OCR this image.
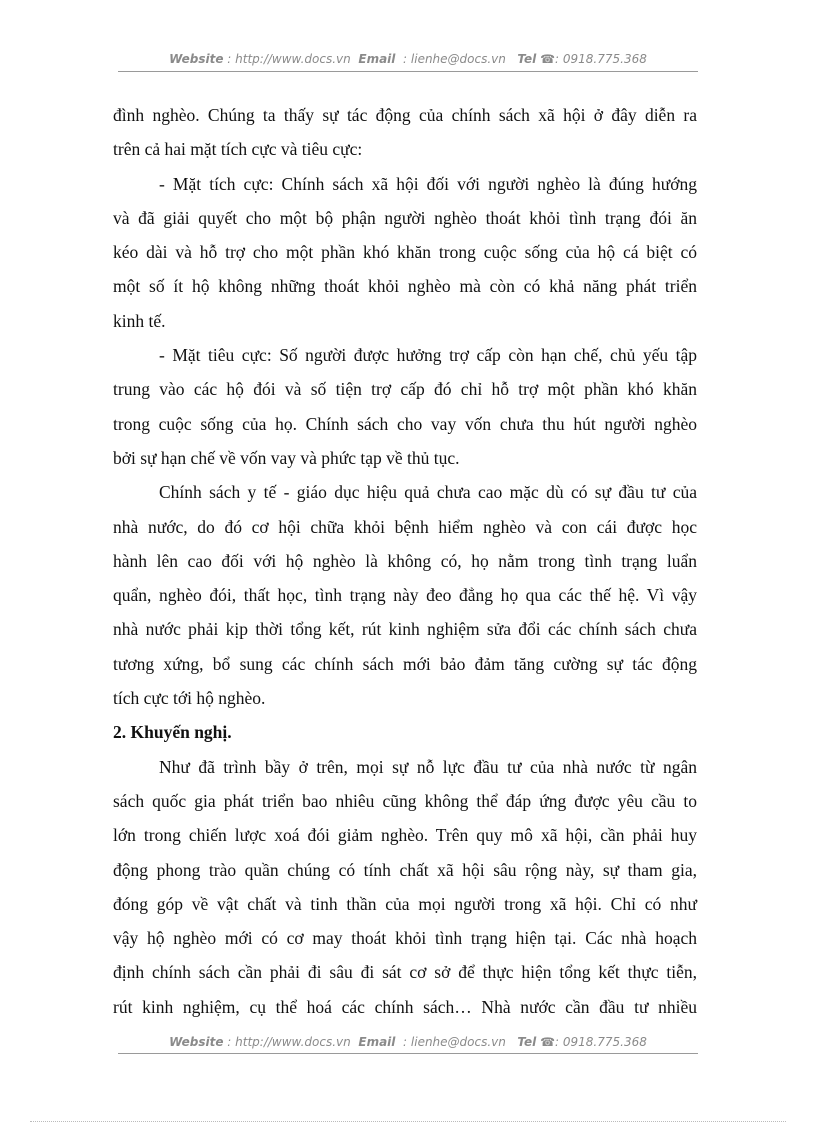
Website : http://www.docs.vn Email : lienhe@docs.vn Tel ☎: 0918.775.368

đình nghèo. Chúng ta thấy sự tác động của chính sách xã hội ở đây diễn ra

trên cả hai mặt tích cực và tiêu cực:

- Mặt tích cực: Chính sách xã hội đối với người nghèo là đúng hướng

và đã giải quyết cho một bộ phận người nghèo thoát khỏi tình trạng đói ăn

kéo dài và hỗ trợ cho một phần khó khăn trong cuộc sống của hộ cá biệt có

một số ít hộ không những thoát khỏi nghèo mà còn có khả năng phát triển

kinh tế.

- Mặt tiêu cực: Số người được hưởng trợ cấp còn hạn chế, chủ yếu tập

trung vào các hộ đói và số tiện trợ cấp đó chỉ hỗ trợ một phần khó khăn

trong cuộc sống của họ. Chính sách cho vay vốn chưa thu hút người nghèo

bởi sự hạn chế về vốn vay và phức tạp về thủ tục.

Chính sách y tế - giáo dục hiệu quả chưa cao mặc dù có sự đầu tư của

nhà nước, do đó cơ hội chữa khỏi bệnh hiểm nghèo và con cái được học

hành lên cao đối với hộ nghèo là không có, họ nằm trong tình trạng luẩn

quẩn, nghèo đói, thất học, tình trạng này đeo đẳng họ qua các thế hệ. Vì vậy

nhà nước phải kịp thời tổng kết, rút kinh nghiệm sửa đổi các chính sách chưa

tương xứng, bổ sung các chính sách mới bảo đảm tăng cường sự tác động

tích cực tới hộ nghèo.

2. Khuyến nghị.

Như đã trình bầy ở trên, mọi sự nỗ lực đầu tư của nhà nước từ ngân

sách quốc gia phát triển bao nhiêu cũng không thể đáp ứng được yêu cầu to

lớn trong chiến lược xoá đói giảm nghèo. Trên quy mô xã hội, cần phải huy

động phong trào quần chúng có tính chất xã hội sâu rộng này, sự tham gia,

đóng góp về vật chất và tinh thần của mọi người trong xã hội. Chỉ có như

vậy hộ nghèo mới có cơ may thoát khỏi tình trạng hiện tại. Các nhà hoạch

định chính sách cần phải đi sâu đi sát cơ sở để thực hiện tổng kết thực tiễn,

rút kinh nghiệm, cụ thể hoá các chính sách… Nhà nước cần đầu tư nhiều

Website : http://www.docs.vn Email : lienhe@docs.vn Tel ☎: 0918.775.368
